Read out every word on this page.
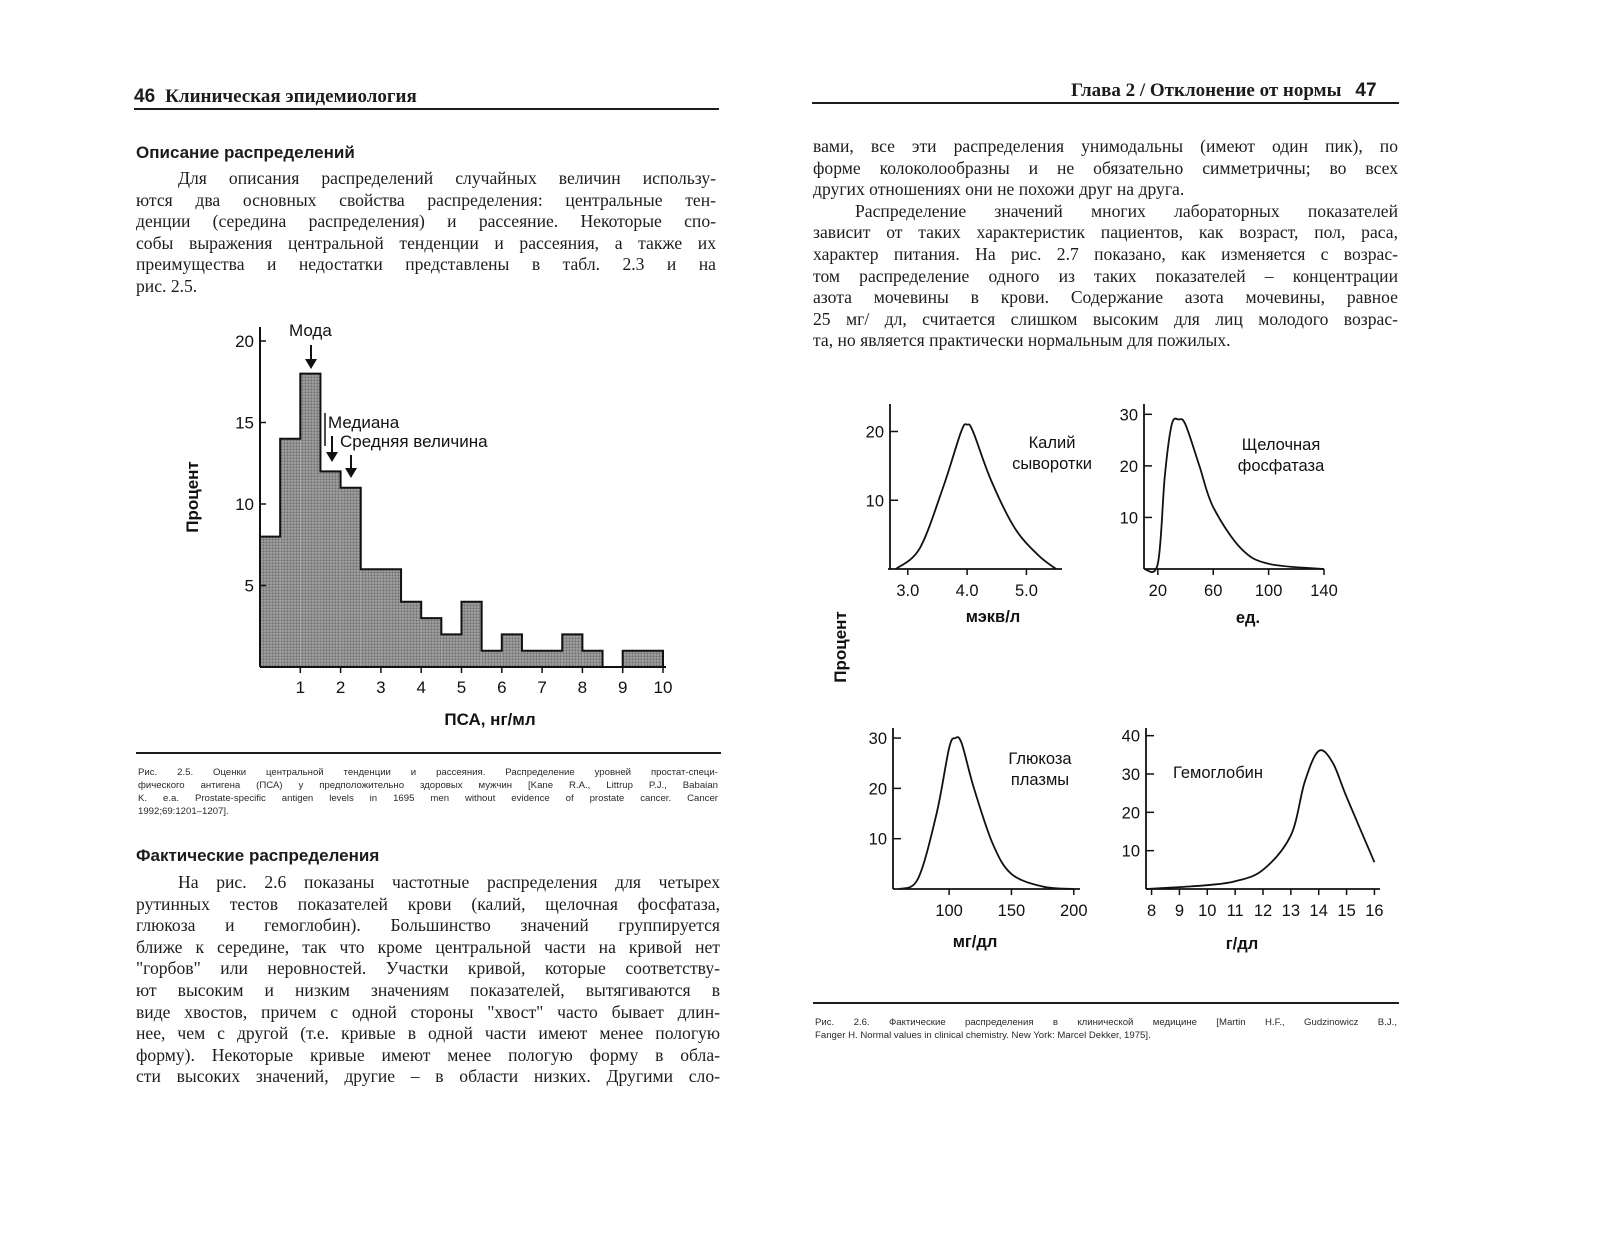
46 Клиническая эпидемиология
Описание распределений
Для описания распределений случайных величин использу-
ются два основных свойства распределения: центральные тен-
денции (середина распределения) и рассеяние. Некоторые спо-
собы выражения центральной тенденции и рассеяния, а также их
преимущества и недостатки представлены в табл. 2.3 и на
рис. 2.5.
5
10
15
20
1 2 3 4 5 6 7 8 9 10
Процент
ПСА, нг/мл
Мода
Медиана
Средняя величина
Рис. 2.5. Оценки центральной тенденции и рассеяния. Распределение уровней простат-специ-
фического антигена (ПСА) у предположительно здоровых мужчин [Kane R.A., Littrup P.J., Babaian
K. e.a. Prostate-specific antigen levels in 1695 men without evidence of prostate cancer. Cancer
1992;69:1201–1207].
Фактические распределения
На рис. 2.6 показаны частотные распределения для четырех
рутинных тестов показателей крови (калий, щелочная фосфатаза,
глюкоза и гемоглобин). Большинство значений группируется
ближе к середине, так что кроме центральной части на кривой нет
"горбов" или неровностей. Участки кривой, которые соответству-
ют высоким и низким значениям показателей, вытягиваются в
виде хвостов, причем с одной стороны "хвост" часто бывает длин-
нее, чем с другой (т.е. кривые в одной части имеют менее пологую
форму). Некоторые кривые имеют менее пологую форму в обла-
сти высоких значений, другие – в области низких. Другими сло-
Глава 2 / Отклонение от нормы 47
вами, все эти распределения унимодальны (имеют один пик), по
форме колоколообразны и не обязательно симметричны; во всех
других отношениях они не похожи друг на друга.
Распределение значений многих лабораторных показателей
зависит от таких характеристик пациентов, как возраст, пол, раса,
характер питания. На рис. 2.7 показано, как изменяется с возрас-
том распределение одного из таких показателей – концентрации
азота мочевины в крови. Содержание азота мочевины, равное
25 мг/ дл, считается слишком высоким для лиц молодого возрас-
та, но является практически нормальным для пожилых.
Процент
10
20
3.0 4.0 5.0
Калий
сыворотки
мэкв/л
10
20
30
20 60 100 140
Щелочная
фосфатаза
ед.
10
20
30
100 150 200
Глюкоза
плазмы
мг/дл
10
20
30
40
8 9 10 11 12 13 14 15 16
Гемоглобин
г/дл
Рис. 2.6. Фактические распределения в клинической медицине [Martin H.F., Gudzinowicz B.J.,
Fanger H. Normal values in clinical chemistry. New York: Marcel Dekker, 1975].
